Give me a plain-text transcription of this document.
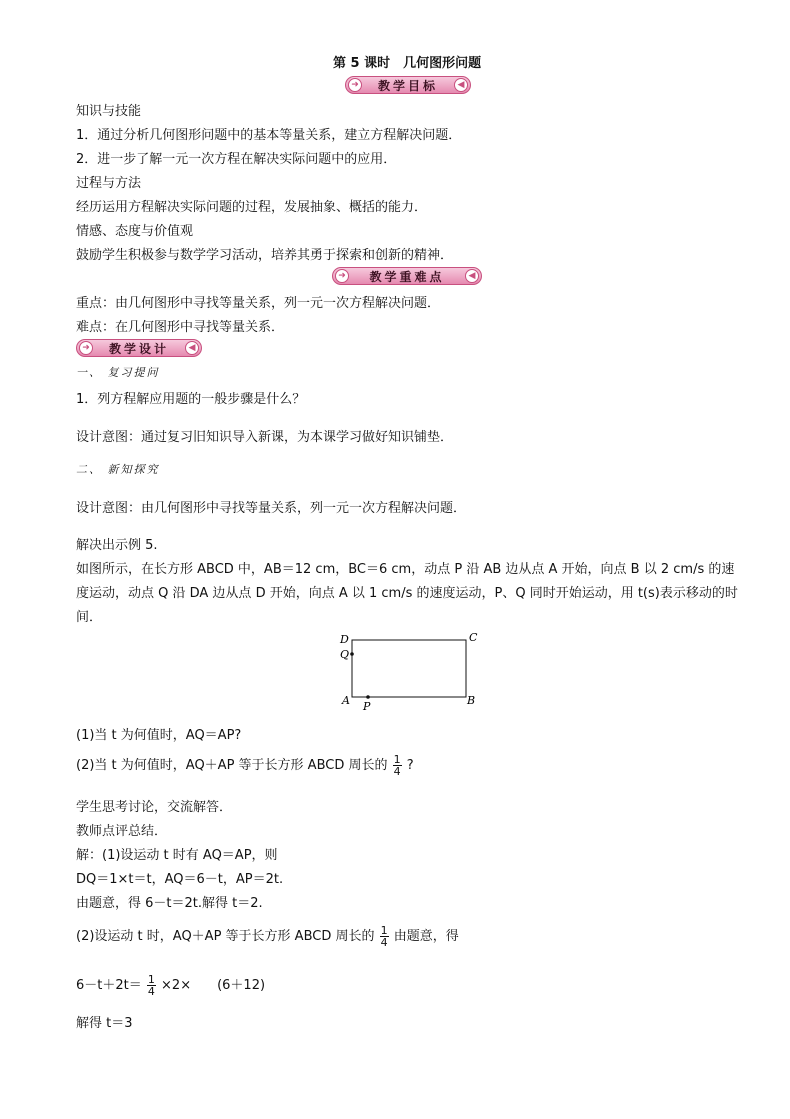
第 5 课时　几何图形问题
➜ 教学目标	◀
知识与技能
1．通过分析几何图形问题中的基本等量关系，建立方程解决问题．
2．进一步了解一元一次方程在解决实际问题中的应用．
过程与方法
经历运用方程解决实际问题的过程，发展抽象、概括的能力．
情感、态度与价值观
鼓励学生积极参与数学学习活动，培养其勇于探索和创新的精神．
➜ 教学重难点	◀
重点：由几何图形中寻找等量关系，列一元一次方程解决问题．
难点：在几何图形中寻找等量关系．
➜ 教学设计	◀
一、 复习提问
1．列方程解应用题的一般步骤是什么？
设计意图：通过复习旧知识导入新课，为本课学习做好知识铺垫．
二、 新知探究
设计意图：由几何图形中寻找等量关系，列一元一次方程解决问题．
解决出示例 5.
如图所示，在长方形 ABCD 中，AB＝12 cm，BC＝6 cm，动点 P 沿 AB 边从点 A 开始，向点 B 以 2 cm/s 的速
度运动，动点 Q 沿 DA 边从点 D 开始，向点 A 以 1 cm/s 的速度运动，P、Q 同时开始运动，用 t(s)表示移动的时
间．
D	C
Q
A P	B
(1)当 t 为何值时，AQ＝AP?
(2)当 t 为何值时，AQ＋AP 等于长方形 ABCD 周长的 $\frac{1}{4}$ ?
学生思考讨论，交流解答．
教师点评总结．
解：(1)设运动 t 时有 AQ＝AP，则
DQ＝1×t＝t，AQ＝6－t，AP＝2t.
由题意，得 6－t＝2t.解得 t＝2.
(2)设运动 t 时，AQ＋AP 等于长方形 ABCD 周长的 $\frac{1}{4}$ 由题意，得
$6-t+2t= \frac{1}{4} \times 2\times$　　(6＋12)
解得 t＝3
